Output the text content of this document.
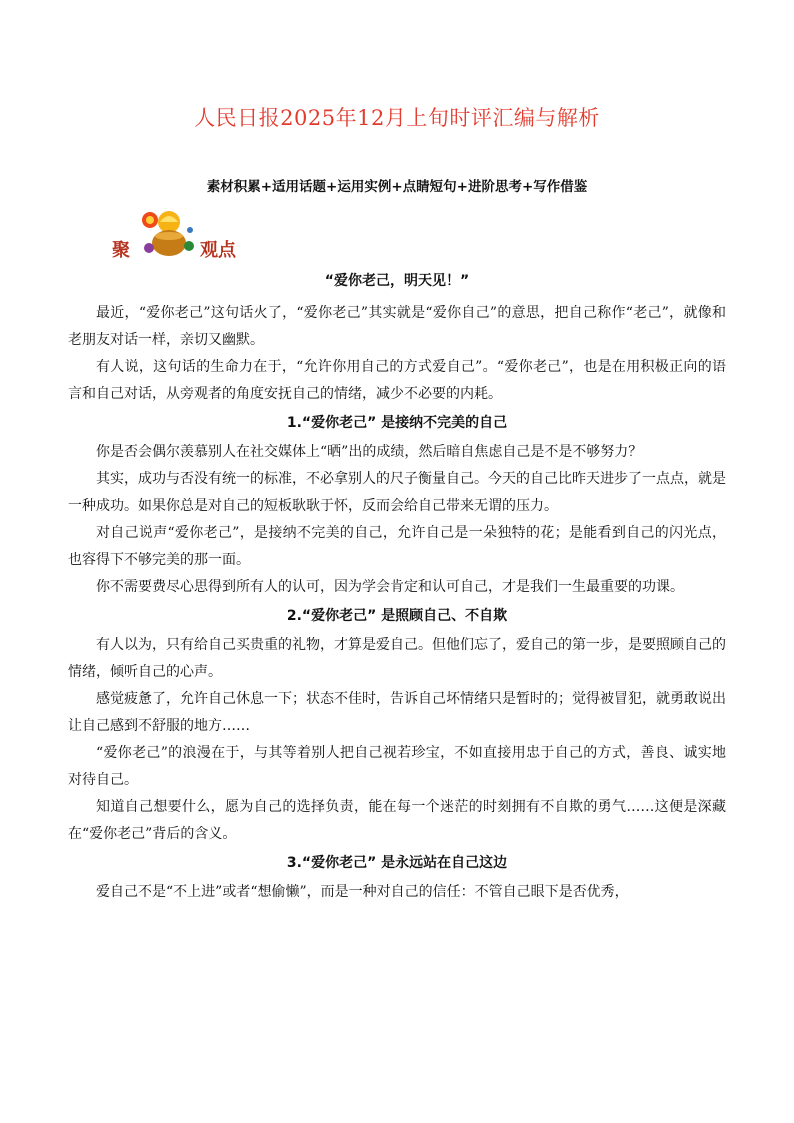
人民日报2025年12月上旬时评汇编与解析
素材积累+适用话题+运用实例+点睛短句+进阶思考+写作借鉴
聚	观点
“爱你老己，明天见！”

最近，“爱你老己”这句话火了，“爱你老己”其实就是“爱你自己”的意思，把自己称作“老己”，就像和老朋友对话一样，亲切又幽默。

有人说，这句话的生命力在于，“允许你用自己的方式爱自己”。“爱你老己”，也是在用积极正向的语言和自己对话，从旁观者的角度安抚自己的情绪，减少不必要的内耗。

1.“爱你老己” 是接纳不完美的自己

你是否会偶尔羡慕别人在社交媒体上“晒”出的成绩，然后暗自焦虑自己是不是不够努力？

其实，成功与否没有统一的标准，不必拿别人的尺子衡量自己。今天的自己比昨天进步了一点点，就是一种成功。如果你总是对自己的短板耿耿于怀，反而会给自己带来无谓的压力。

对自己说声“爱你老己”，是接纳不完美的自己，允许自己是一朵独特的花；是能看到自己的闪光点，也容得下不够完美的那一面。

你不需要费尽心思得到所有人的认可，因为学会肯定和认可自己，才是我们一生最重要的功课。

2.“爱你老己” 是照顾自己、不自欺

有人以为，只有给自己买贵重的礼物，才算是爱自己。但他们忘了，爱自己的第一步，是要照顾自己的情绪，倾听自己的心声。

感觉疲惫了，允许自己休息一下；状态不佳时，告诉自己坏情绪只是暂时的；觉得被冒犯，就勇敢说出让自己感到不舒服的地方……

“爱你老己”的浪漫在于，与其等着别人把自己视若珍宝，不如直接用忠于自己的方式，善良、诚实地对待自己。

知道自己想要什么，愿为自己的选择负责，能在每一个迷茫的时刻拥有不自欺的勇气……这便是深藏在“爱你老己”背后的含义。

3.“爱你老己” 是永远站在自己这边

爱自己不是“不上进”或者“想偷懒”，而是一种对自己的信任：不管自己眼下是否优秀，
